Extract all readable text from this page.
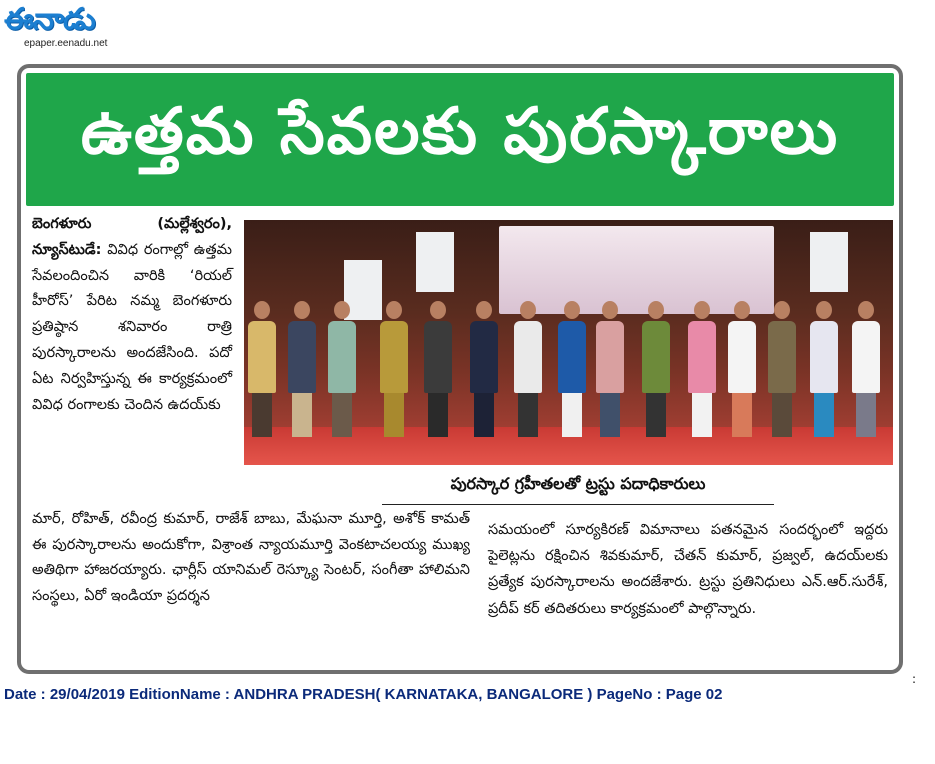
ఈనాడు
epaper.eenadu.net
ఉత్తమ సేవలకు పురస్కారాలు

బెంగళూరు (మల్లేశ్వరం), న్యూస్‌టుడే: వివిధ రంగాల్లో ఉత్తమ సేవలందించిన వారికి ‘రియల్ హీరోస్’ పేరిట నమ్మ బెంగళూరు ప్రతిష్ఠాన శనివారం రాత్రి పురస్కారాలను అందజేసింది. పదో ఏట నిర్వహిస్తున్న ఈ కార్యక్రమంలో వివిధ రంగాలకు చెందిన ఉదయ్‌కు

పురస్కార గ్రహీతలతో ట్రస్టు పదాధికారులు

మార్, రోహిత్, రవీంద్ర కుమార్, రాజేశ్ బాబు, మేఘనా మూర్తి, అశోక్ కామత్ ఈ పురస్కారాలను అందుకోగా, విశ్రాంత న్యాయమూర్తి వెంకటాచలయ్య ముఖ్య అతిథిగా హాజరయ్యారు. ఛార్లీస్ యానిమల్ రెస్క్యూ సెంటర్, సంగీతా హాలిమని సంస్థలు, ఏరో ఇండియా ప్రదర్శన

సమయంలో సూర్యకిరణ్ విమానాలు పతనమైన సందర్భంలో ఇద్దరు పైలెట్లను రక్షించిన శివకుమార్, చేతన్ కుమార్, ప్రజ్వల్, ఉదయ్‌లకు ప్రత్యేక పురస్కారాలను అందజేశారు. ట్రస్టు ప్రతినిధులు ఎన్.ఆర్.సురేశ్, ప్రదీప్ కర్ తదితరులు కార్యక్రమంలో పాల్గొన్నారు.

:
Date : 29/04/2019 EditionName : ANDHRA PRADESH( KARNATAKA, BANGALORE ) PageNo : Page 02
